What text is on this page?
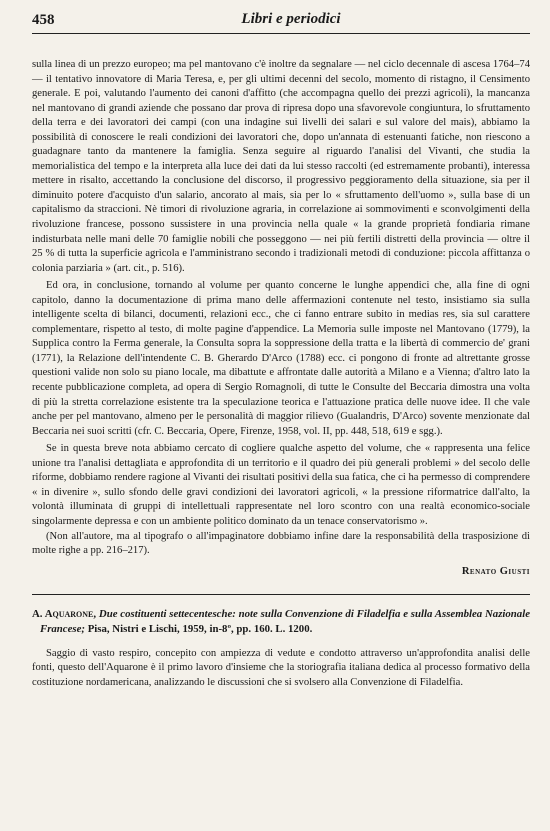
458	Libri e periodici

sulla linea di un prezzo europeo; ma pel mantovano c'è inoltre da segnalare — nel ciclo decennale di ascesa 1764–74 — il tentativo innovatore di Maria Teresa, e, per gli ultimi decenni del secolo, momento di ristagno, il Censimento generale. E poi, valutando l'aumento dei canoni d'affitto (che accompagna quello dei prezzi agricoli), la mancanza nel mantovano di grandi aziende che possano dar prova di ripresa dopo una sfavorevole congiuntura, lo sfruttamento della terra e dei lavoratori dei campi (con una indagine sui livelli dei salari e sul valore del mais), abbiamo la possibilità di conoscere le reali condizioni dei lavoratori che, dopo un'annata di estenuanti fatiche, non riescono a guadagnare tanto da mantenere la famiglia. Senza seguire al riguardo l'analisi del Vivanti, che studia la memorialistica del tempo e la interpreta alla luce dei dati da lui stesso raccolti (ed estremamente probanti), interessa mettere in risalto, accettando la conclusione del discorso, il progressivo peggioramento della situazione, sia per il diminuito potere d'acquisto d'un salario, ancorato al mais, sia per lo « sfruttamento dell'uomo », sulla base di un capitalismo da straccioni. Nè timori di rivoluzione agraria, in correlazione ai sommovimenti e sconvolgimenti della rivoluzione francese, possono sussistere in una provincia nella quale « la grande proprietà fondiaria rimane indisturbata nelle mani delle 70 famiglie nobili che posseggono — nei più fertili distretti della provincia — oltre il 25 % di tutta la superficie agricola e l'amministrano secondo i tradizionali metodi di conduzione: piccola affittanza o colonia parziaria » (art. cit., p. 516).

Ed ora, in conclusione, tornando al volume per quanto concerne le lunghe appendici che, alla fine di ogni capitolo, danno la documentazione di prima mano delle affermazioni contenute nel testo, insistiamo sia sulla intelligente scelta di bilanci, documenti, relazioni ecc., che ci fanno entrare subito in medias res, sia sul carattere complementare, rispetto al testo, di molte pagine d'appendice. La Memoria sulle imposte nel Mantovano (1779), la Supplica contro la Ferma generale, la Consulta sopra la soppressione della tratta e la libertà di commercio de' grani (1771), la Relazione dell'intendente C. B. Gherardo D'Arco (1788) ecc. ci pongono di fronte ad altrettante grosse questioni valide non solo su piano locale, ma dibattute e affrontate dalle autorità a Milano e a Vienna; d'altro lato la recente pubblicazione completa, ad opera di Sergio Romagnoli, di tutte le Consulte del Beccaria dimostra una volta di più la stretta correlazione esistente tra la speculazione teorica e l'attuazione pratica delle nuove idee. Il che vale anche per pel mantovano, almeno per le personalità di maggior rilievo (Gualandris, D'Arco) sovente menzionate dal Beccaria nei suoi scritti (cfr. C. Beccaria, Opere, Firenze, 1958, vol. II, pp. 448, 518, 619 e sgg.).

Se in questa breve nota abbiamo cercato di cogliere qualche aspetto del volume, che « rappresenta una felice unione tra l'analisi dettagliata e approfondita di un territorio e il quadro dei più generali problemi » del secolo delle riforme, dobbiamo rendere ragione al Vivanti dei risultati positivi della sua fatica, che ci ha permesso di comprendere « in divenire », sullo sfondo delle gravi condizioni dei lavoratori agricoli, « la pressione riformatrice dall'alto, la volontà illuminata di gruppi di intellettuali rappresentate nel loro scontro con una realtà economico-sociale singolarmente depressa e con un ambiente politico dominato da un tenace conservatorismo ».

(Non all'autore, ma al tipografo o all'impaginatore dobbiamo infine dare la responsabilità della trasposizione di molte righe a pp. 216–217).

Renato Giusti
A. Aquarone, Due costituenti settecentesche: note sulla Convenzione di Filadelfia e sulla Assemblea Nazionale Francese; Pisa, Nistri e Lischi, 1959, in-8º, pp. 160. L. 1200.

Saggio di vasto respiro, concepito con ampiezza di vedute e condotto attraverso un'approfondita analisi delle fonti, questo dell'Aquarone è il primo lavoro d'insieme che la storiografia italiana dedica al processo formativo della costituzione nordamericana, analizzando le discussioni che si svolsero alla Convenzione di Filadelfia.
